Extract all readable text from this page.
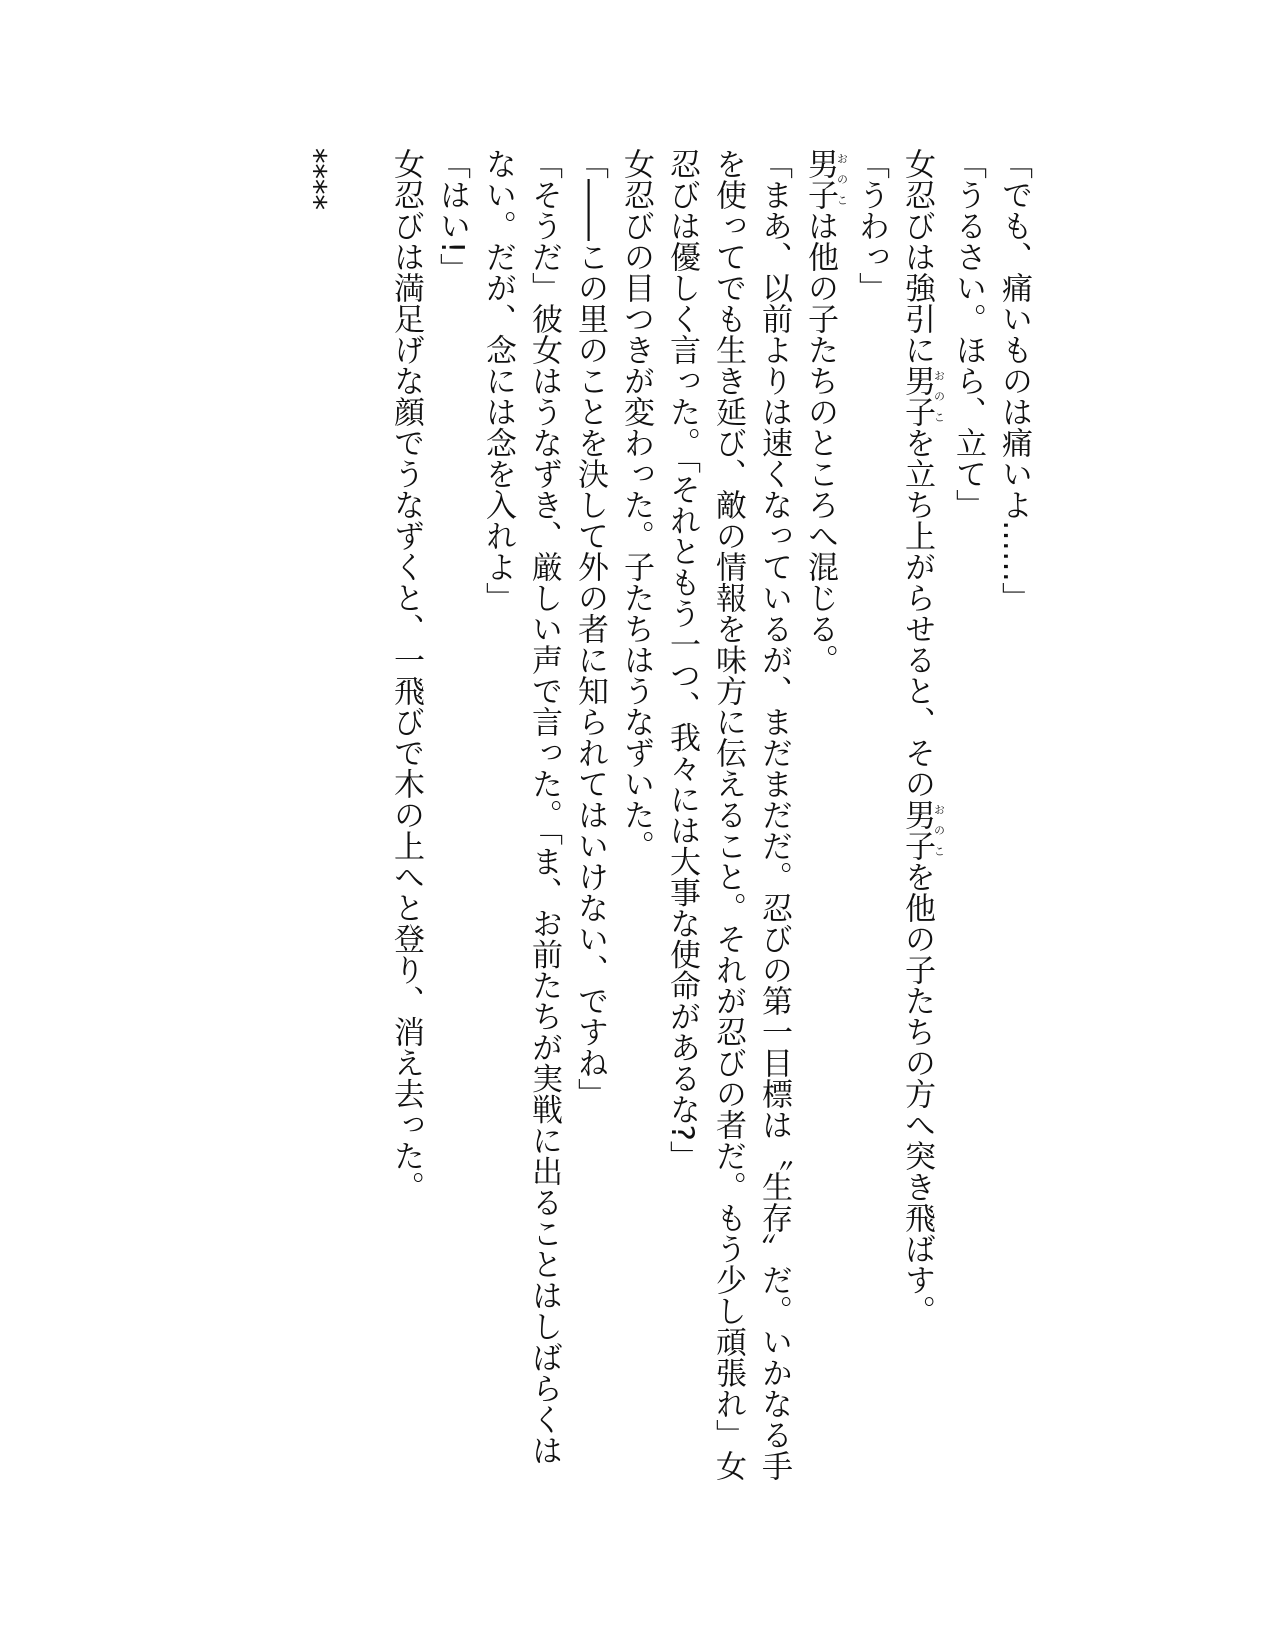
「でも、痛いものは痛いよ……」
「うるさい。ほら、立て」
女忍びは強引に男子おのこを立ち上がらせると、その男子おのこを他の子たちの方へ突き飛ばす。
「うわっ」
男子おのこは他の子たちのところへ混じる。
「まあ、以前よりは速くなっているが、まだまだだ。忍びの第一目標は〝生存〟だ。いかなる手
を使ってでも生き延び、敵の情報を味方に伝えること。それが忍びの者だ。もう少し頑張れ」女
忍びは優しく言った。「それともう一つ、我々には大事な使命があるな?」
女忍びの目つきが変わった。子たちはうなずいた。
「――この里のことを決して外の者に知られてはいけない、ですね」
「そうだ」彼女はうなずき、厳しい声で言った。「ま、お前たちが実戦に出ることはしばらくは
ない。だが、念には念を入れよ」
「はい!」
女忍びは満足げな顔でうなずくと、一飛びで木の上へと登り、消え去った。
****
